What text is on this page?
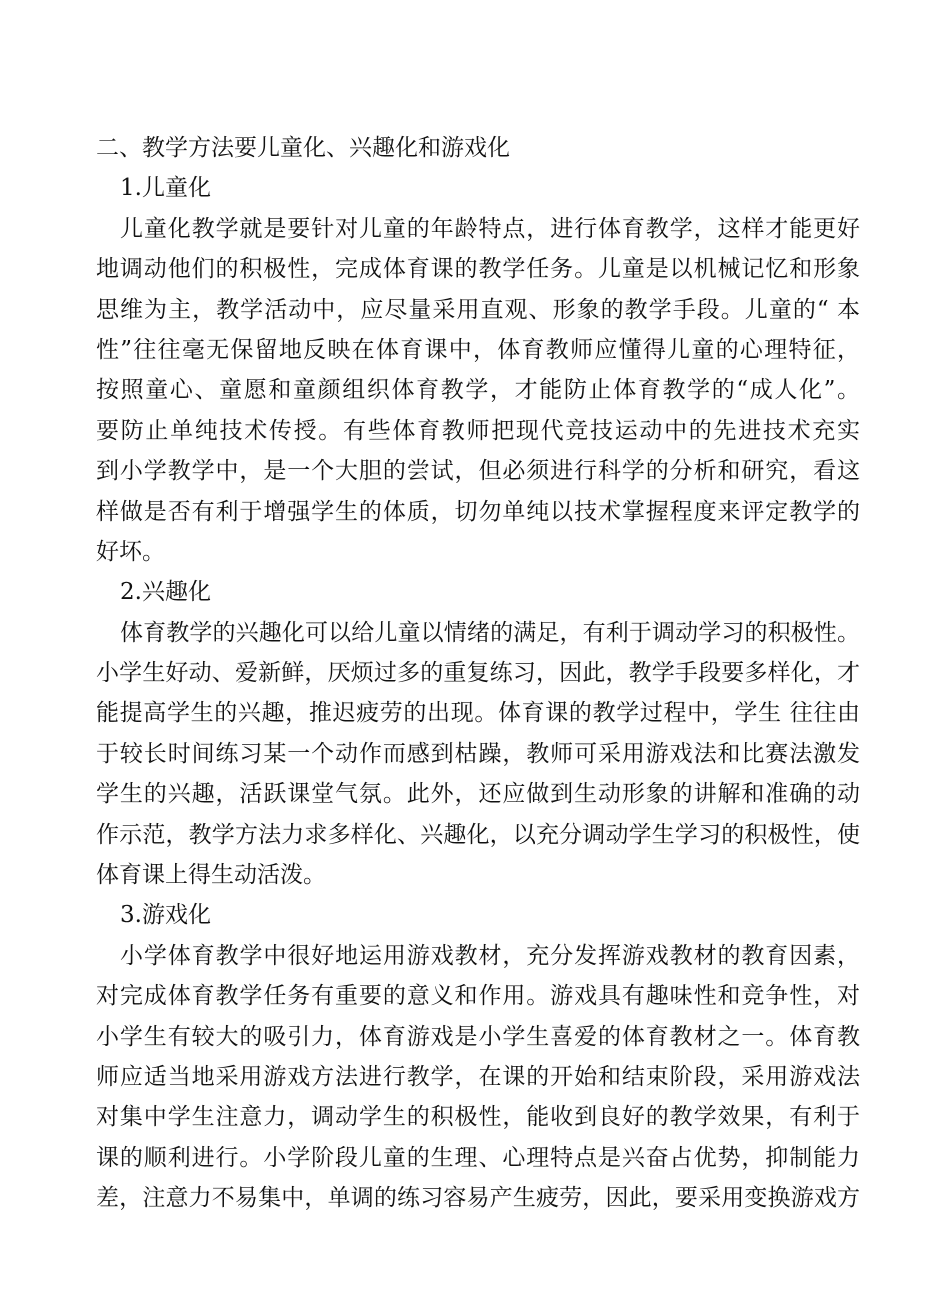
二、教学方法要儿童化、兴趣化和游戏化
1.儿童化
儿童化教学就是要针对儿童的年龄特点，进行体育教学，这样才能更好
地调动他们的积极性，完成体育课的教学任务。儿童是以机械记忆和形象
思维为主，教学活动中，应尽量采用直观、形象的教学手段。儿童的“ 本
性”往往毫无保留地反映在体育课中，体育教师应懂得儿童的心理特征，
按照童心、童愿和童颜组织体育教学，才能防止体育教学的“成人化”。
要防止单纯技术传授。有些体育教师把现代竞技运动中的先进技术充实
到小学教学中，是一个大胆的尝试，但必须进行科学的分析和研究，看这
样做是否有利于增强学生的体质，切勿单纯以技术掌握程度来评定教学的
好坏。
2.兴趣化
体育教学的兴趣化可以给儿童以情绪的满足，有利于调动学习的积极性。
小学生好动、爱新鲜，厌烦过多的重复练习，因此，教学手段要多样化，才
能提高学生的兴趣，推迟疲劳的出现。体育课的教学过程中，学生 往往由
于较长时间练习某一个动作而感到枯躁，教师可采用游戏法和比赛法激发
学生的兴趣，活跃课堂气氛。此外，还应做到生动形象的讲解和准确的动
作示范，教学方法力求多样化、兴趣化，以充分调动学生学习的积极性，使
体育课上得生动活泼。
3.游戏化
小学体育教学中很好地运用游戏教材，充分发挥游戏教材的教育因素，
对完成体育教学任务有重要的意义和作用。游戏具有趣味性和竞争性，对
小学生有较大的吸引力，体育游戏是小学生喜爱的体育教材之一。体育教
师应适当地采用游戏方法进行教学，在课的开始和结束阶段，采用游戏法
对集中学生注意力，调动学生的积极性，能收到良好的教学效果，有利于
课的顺利进行。小学阶段儿童的生理、心理特点是兴奋占优势，抑制能力
差，注意力不易集中，单调的练习容易产生疲劳，因此，要采用变换游戏方
